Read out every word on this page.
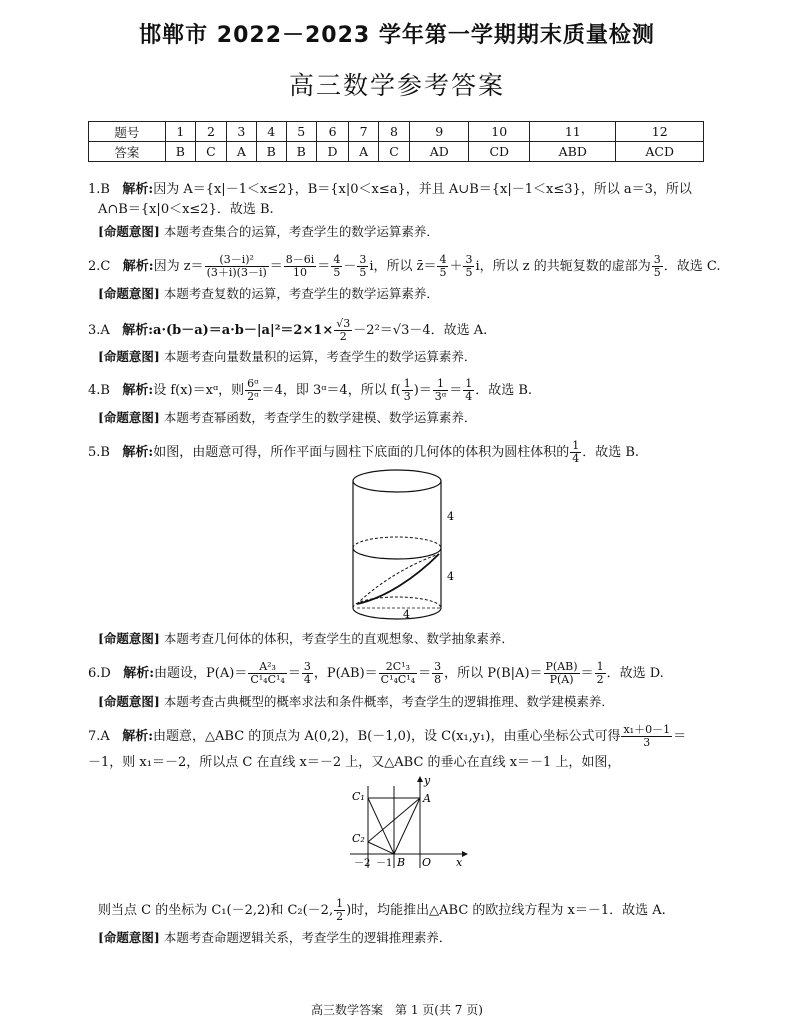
邯郸市 2022－2023 学年第一学期期末质量检测
高三数学参考答案
题号	1	2	3	4	5	6	7	8	9	10	11	12
答案	B	C	A	B	B	D	A	C	AD	CD	ABD	ACD
1.B 解析:因为 A＝{x|－1＜x≤2}，B＝{x|0＜x≤a}，并且 A∪B＝{x|－1＜x≤3}，所以 a＝3，所以
A∩B＝{x|0＜x≤2}．故选 B.
[命题意图] 本题考查集合的运算，考查学生的数学运算素养．
2.C 解析:因为 $z= \frac{\text{(3－i)²}}{(3+i)(3-i)} = \frac{8-6i}{10} = \frac{4}{5} - \frac{3}{5}$ i，所以 z̄＝ $\frac{4}{5} + \frac{3}{5}$ i，所以 z 的共轭复数的虚部为 $\frac{3}{5}$ ．故选 C.
[命题意图] 本题考查复数的运算，考查学生的数学运算素养．
3.A 解析:a·(b－a)＝a·b－|a|²＝2×1× $\frac{√3}{2} -2^2=√3-4$．故选 A.
[命题意图] 本题考查向量数量积的运算，考查学生的数学运算素养．
4.B 解析:设 f(x)＝xᵅ，则 $\frac{\text{6ᵅ}}{\text{2ᵅ}} =4$，即 3ᵅ＝4，所以 $f( \frac{1}{3}$ )＝ $\frac{1}{\text{3ᵅ}} = \frac{1}{4}$ ．故选 B.
[命题意图] 本题考查幂函数，考查学生的数学建模、数学运算素养．
5.B 解析:如图，由题意可得，所作平面与圆柱下底面的几何体的体积为圆柱体积的 $\frac{1}{4}$ ．故选 B.
4
4
4
[命题意图] 本题考查几何体的体积，考查学生的直观想象、数学抽象素养．
6.D 解析:由题设，$P(A)= \frac{\text{A²₃}}{\text{C¹₄C¹₄}} = \frac{3}{4}$ ，$P(AB)= \frac{\text{2C¹₃}}{\text{C¹₄C¹₄}} = \frac{3}{8}$ ，所以 $P(B|A)= \frac{P(AB)}{P(A)} = \frac{1}{2}$ ．故选 D.
[命题意图] 本题考查古典概型的概率求法和条件概率，考查学生的逻辑推理、数学建模素养．
7.A 解析:由题意，△ABC 的顶点为 A(0,2)，B(－1,0)，设 C(x₁,y₁)，由重心坐标公式可得 $\frac{\text{x₁＋0－1}}{3}$ ＝
－1，则 x₁＝－2，所以点 C 在直线 x＝－2 上，又△ABC 的垂心在直线 x＝－1 上，如图，
y
x
A
C₁
C₂
B O
－2 －1
则当点 C 的坐标为 C₁(－2,2)和 C₂(－2, $\frac{1}{2}$ )时，均能推出△ABC 的欧拉线方程为 x＝－1．故选 A.
[命题意图] 本题考查命题逻辑关系，考查学生的逻辑推理素养．
高三数学答案　第 1 页(共 7 页)
